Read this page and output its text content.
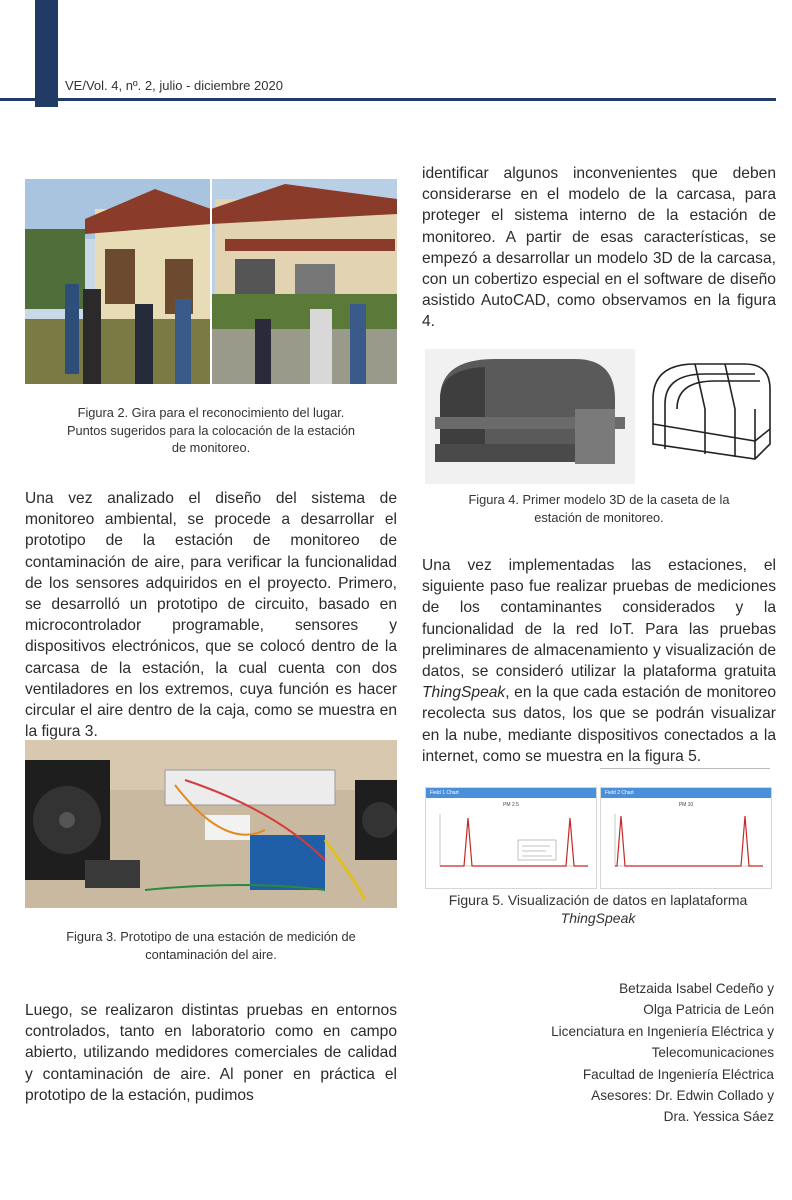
VE/Vol. 4, nº. 2, julio - diciembre 2020
Figura 2. Gira para el reconocimiento del lugar.
Puntos sugeridos para la colocación de la estación
de monitoreo.
Una vez analizado el diseño del sistema de monitoreo ambiental, se procede a desarrollar el prototipo de la estación de monitoreo de contaminación de aire, para verificar la funcionalidad de los sensores adquiridos en el proyecto. Primero, se desarrolló un prototipo de circuito, basado en microcontrolador programable, sensores y dispositivos electrónicos, que se colocó dentro de la carcasa de la estación, la cual cuenta con dos ventiladores en los extremos, cuya función es hacer circular el aire dentro de la caja, como se muestra en la figura 3.
Figura 3. Prototipo de una estación de medición de
contaminación del aire.
Luego, se realizaron distintas pruebas en entornos controlados, tanto en laboratorio como en campo abierto, utilizando medidores comerciales de calidad y contaminación de aire. Al poner en práctica el prototipo de la estación, pudimos
identificar algunos inconvenientes que deben considerarse en el modelo de la carcasa, para proteger el sistema interno de la estación de monitoreo. A partir de esas características, se empezó a desarrollar un modelo 3D de la carcasa, con un cobertizo especial en el software de diseño asistido AutoCAD, como observamos en la figura 4.
Figura 4. Primer modelo 3D de la caseta de la
estación de monitoreo.
Una vez implementadas las estaciones, el siguiente paso fue realizar pruebas de mediciones de los contaminantes considerados y la funcionalidad de la red IoT. Para las pruebas preliminares de almacenamiento y visualización de datos, se consideró utilizar la plataforma gratuita ThingSpeak, en la que cada estación de monitoreo recolecta sus datos, los que se podrán visualizar en la nube, mediante dispositivos conectados a la internet, como se muestra en la figura 5.
Field 1 Chart
PM 2.5
Field 2 Chart
PM 10
Figura 5. Visualización de datos en laplataforma
ThingSpeak
Betzaida Isabel Cedeño y
Olga Patricia de León
Licenciatura en Ingeniería Eléctrica y
Telecomunicaciones
Facultad de Ingeniería Eléctrica
Asesores: Dr. Edwin Collado y
Dra. Yessica Sáez
